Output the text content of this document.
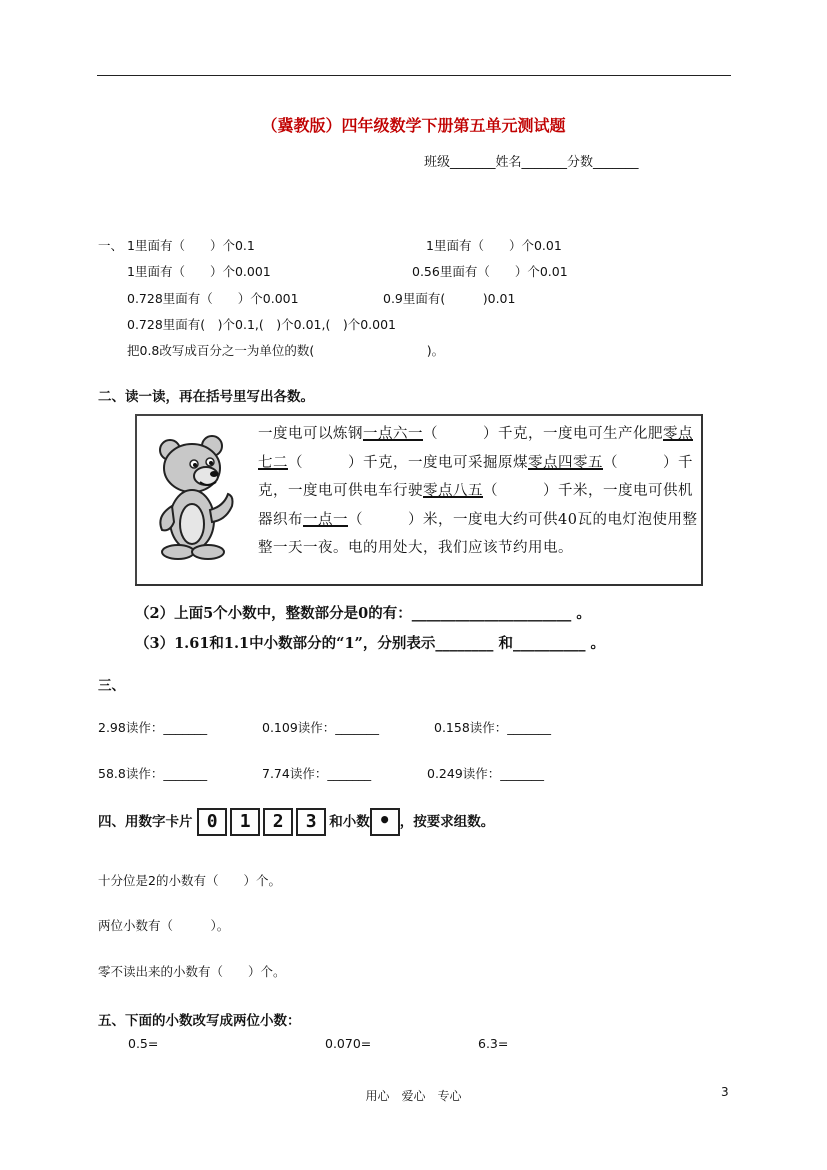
（冀教版）四年级数学下册第五单元测试题
班级_______姓名_______分数_______
一、 1里面有（　　）个0.1	1里面有（　　）个0.01
1里面有（　　）个0.001	0.56里面有（　　）个0.01
0.728里面有（　　）个0.001	0.9里面有(　　　)0.01
0.728里面有(　)个0.1,(　)个0.01,(　)个0.001
把0.8改写成百分之一为单位的数(　　　　　　　　　)。
二、读一读，再在括号里写出各数。
一度电可以炼钢一点六一（　　　）千克，一度电可生产化肥零点七二（　　　）千克，一度电可采掘原煤零点四零五（　　　）千克，一度电可供电车行驶零点八五（　　　）千米，一度电可供机器织布一点一（　　　）米，一度电大约可供40瓦的电灯泡使用整整一天一夜。电的用处大，我们应该节约用电。
（2）上面5个小数中，整数部分是0的有：______________________ 。
（3）1.61和1.1中小数部分的“1”，分别表示________ 和__________ 。
三、
2.98读作：_______	0.109读作：_______	0.158读作：_______
58.8读作：_______	7.74读作：_______	0.249读作：_______
四、用数字卡片 0 1 2 3 和小数 • ，按要求组数。
十分位是2的小数有（　　）个。
两位小数有（　　　）。
零不读出来的小数有（　　）个。
五、下面的小数改写成两位小数：
0.5=	0.070=	6.3=
用心　爱心　专心	3
